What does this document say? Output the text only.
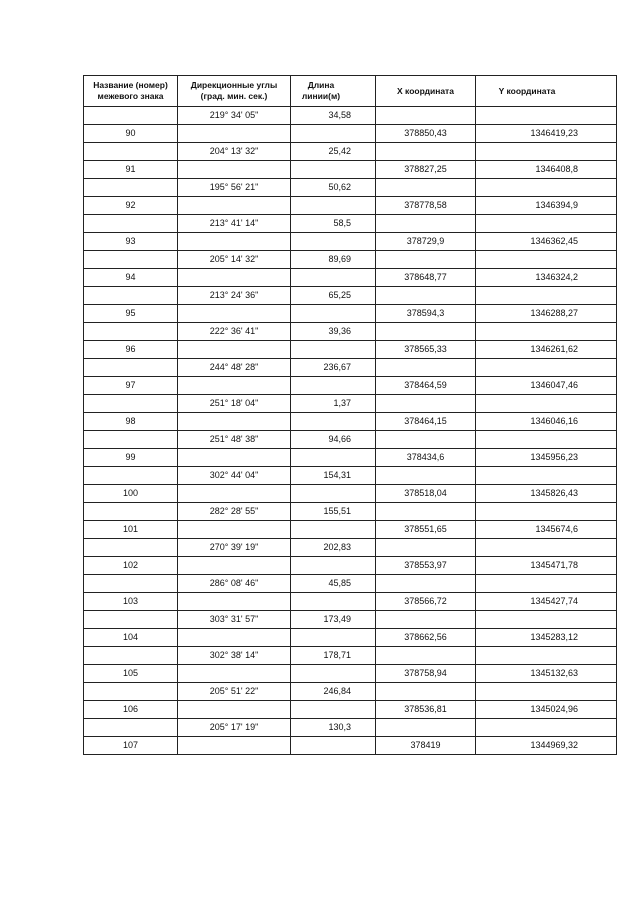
Название (номер) межевого знака	Дирекционные углы (град. мин. сек.)	Длина линии(м)	X координата	Y координата
	219° 34' 05"	34,58		
90			378850,43	1346419,23
	204° 13' 32"	25,42		
91			378827,25	1346408,8
	195° 56' 21"	50,62		
92			378778,58	1346394,9
	213° 41' 14"	58,5		
93			378729,9	1346362,45
	205° 14' 32"	89,69		
94			378648,77	1346324,2
	213° 24' 36"	65,25		
95			378594,3	1346288,27
	222° 36' 41"	39,36		
96			378565,33	1346261,62
	244° 48' 28"	236,67		
97			378464,59	1346047,46
	251° 18' 04"	1,37		
98			378464,15	1346046,16
	251° 48' 38"	94,66		
99			378434,6	1345956,23
	302° 44' 04"	154,31		
100			378518,04	1345826,43
	282° 28' 55"	155,51		
101			378551,65	1345674,6
	270° 39' 19"	202,83		
102			378553,97	1345471,78
	286° 08' 46"	45,85		
103			378566,72	1345427,74
	303° 31' 57"	173,49		
104			378662,56	1345283,12
	302° 38' 14"	178,71		
105			378758,94	1345132,63
	205° 51' 22"	246,84		
106			378536,81	1345024,96
	205° 17' 19"	130,3		
107			378419	1344969,32
